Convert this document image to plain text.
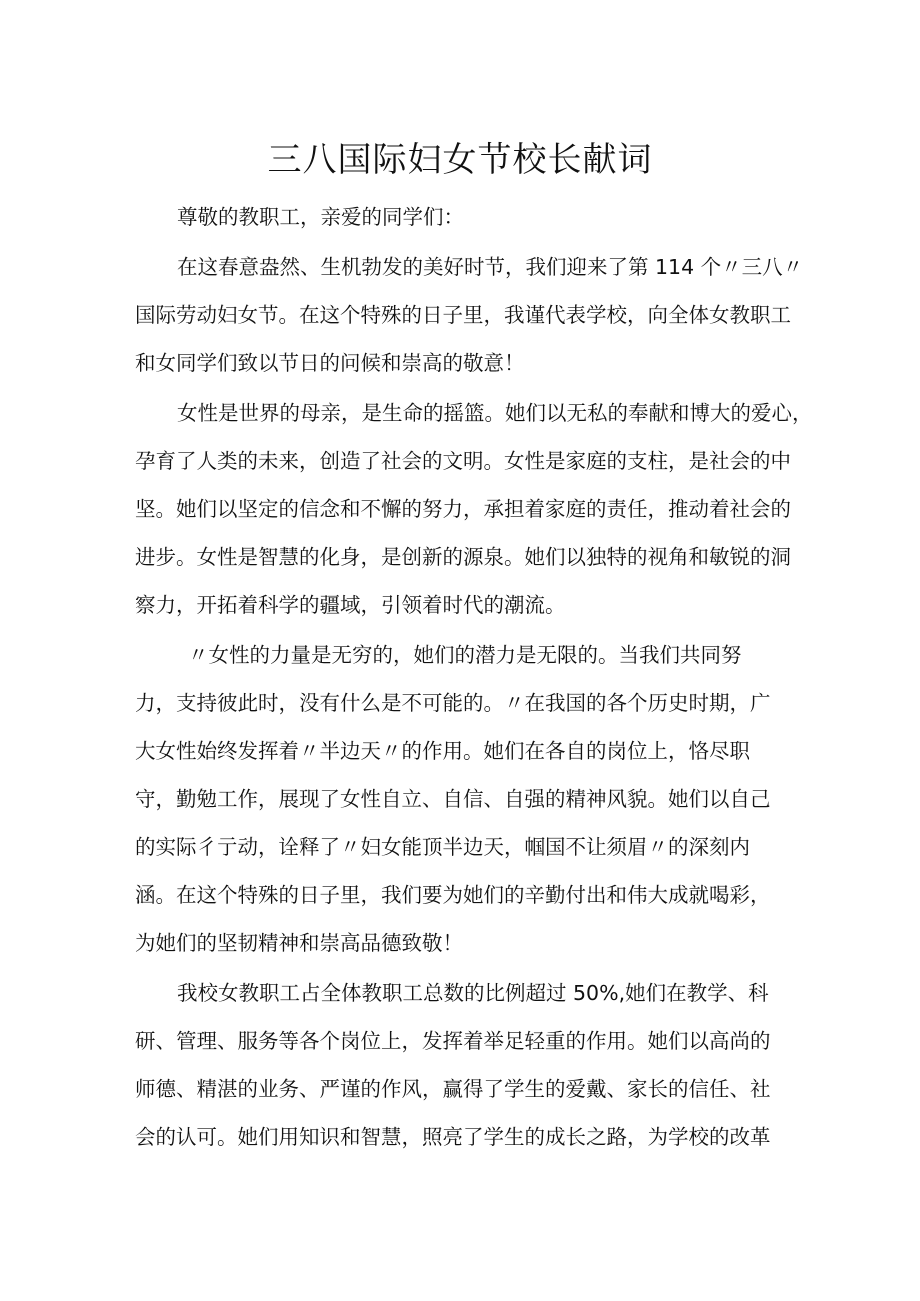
三八国际妇女节校长献词

尊敬的教职工，亲爱的同学们：

在这春意盎然、生机勃发的美好时节，我们迎来了第 114 个〃三八〃

国际劳动妇女节。在这个特殊的日子里，我谨代表学校，向全体女教职工

和女同学们致以节日的问候和崇高的敬意！

女性是世界的母亲，是生命的摇篮。她们以无私的奉献和博大的爱心，

孕育了人类的未来，创造了社会的文明。女性是家庭的支柱，是社会的中

坚。她们以坚定的信念和不懈的努力，承担着家庭的责任，推动着社会的

进步。女性是智慧的化身，是创新的源泉。她们以独特的视角和敏锐的洞

察力，开拓着科学的疆域，引领着时代的潮流。

〃女性的力量是无穷的，她们的潜力是无限的。当我们共同努

力，支持彼此时，没有什么是不可能的。〃在我国的各个历史时期，广

大女性始终发挥着〃半边天〃的作用。她们在各自的岗位上，恪尽职

守，勤勉工作，展现了女性自立、自信、自强的精神风貌。她们以自己

的实际彳亍动，诠释了〃妇女能顶半边天，帼国不让须眉〃的深刻内

涵。在这个特殊的日子里，我们要为她们的辛勤付出和伟大成就喝彩，

为她们的坚韧精神和崇高品德致敬！

我校女教职工占全体教职工总数的比例超过 50%,她们在教学、科

研、管理、服务等各个岗位上，发挥着举足轻重的作用。她们以高尚的

师德、精湛的业务、严谨的作风，赢得了学生的爱戴、家长的信任、社

会的认可。她们用知识和智慧，照亮了学生的成长之路，为学校的改革
